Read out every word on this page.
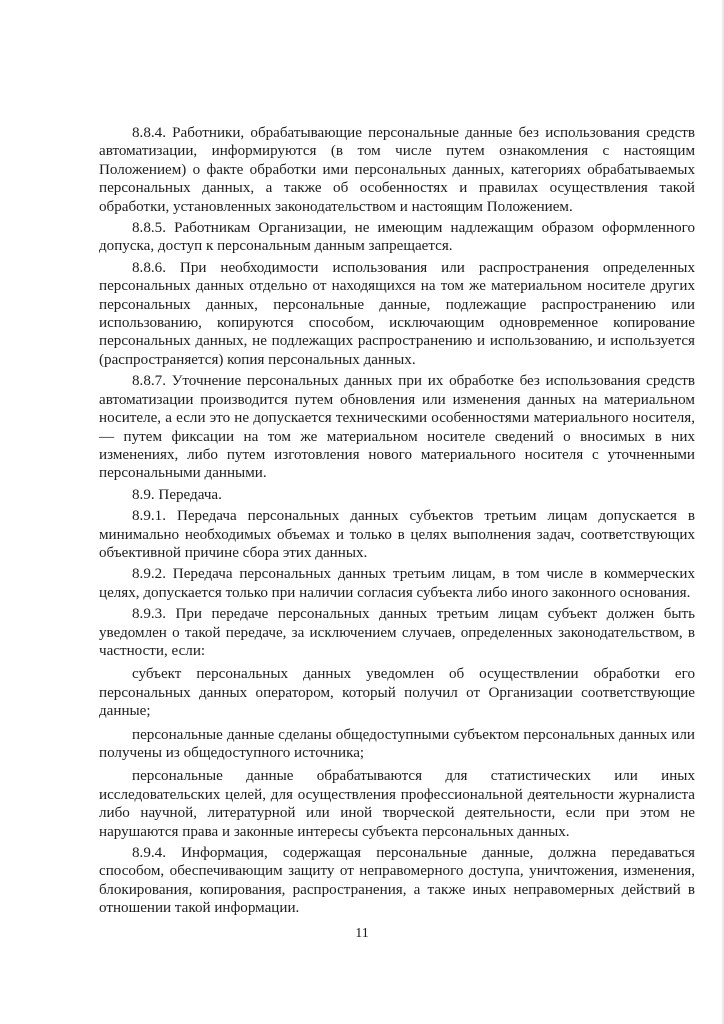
8.8.4. Работники, обрабатывающие персональные данные без использования средств автоматизации, информируются (в том числе путем ознакомления с настоящим Положением) о факте обработки ими персональных данных, категориях обрабатываемых персональных данных, а также об особенностях и правилах осуществления такой обработки, установленных законодательством и настоящим Положением.

8.8.5. Работникам Организации, не имеющим надлежащим образом оформленного допуска, доступ к персональным данным запрещается.

8.8.6. При необходимости использования или распространения определенных персональных данных отдельно от находящихся на том же материальном носителе других персональных данных, персональные данные, подлежащие распространению или использованию, копируются способом, исключающим одновременное копирование персональных данных, не подлежащих распространению и использованию, и используется (распространяется) копия персональных данных.

8.8.7. Уточнение персональных данных при их обработке без использования средств автоматизации производится путем обновления или изменения данных на материальном носителе, а если это не допускается техническими особенностями материального носителя, — путем фиксации на том же материальном носителе сведений о вносимых в них изменениях, либо путем изготовления нового материального носителя с уточненными персональными данными.

8.9. Передача.

8.9.1. Передача персональных данных субъектов третьим лицам допускается в минимально необходимых объемах и только в целях выполнения задач, соответствующих объективной причине сбора этих данных.

8.9.2. Передача персональных данных третьим лицам, в том числе в коммерческих целях, допускается только при наличии согласия субъекта либо иного законного основания.

8.9.3. При передаче персональных данных третьим лицам субъект должен быть уведомлен о такой передаче, за исключением случаев, определенных законодательством, в частности, если:

субъект персональных данных уведомлен об осуществлении обработки его персональных данных оператором, который получил от Организации соответствующие данные;

персональные данные сделаны общедоступными субъектом персональных данных или получены из общедоступного источника;

персональные данные обрабатываются для статистических или иных исследовательских целей, для осуществления профессиональной деятельности журналиста либо научной, литературной или иной творческой деятельности, если при этом не нарушаются права и законные интересы субъекта персональных данных.

8.9.4. Информация, содержащая персональные данные, должна передаваться способом, обеспечивающим защиту от неправомерного доступа, уничтожения, изменения, блокирования, копирования, распространения, а также иных неправомерных действий в отношении такой информации.

11
